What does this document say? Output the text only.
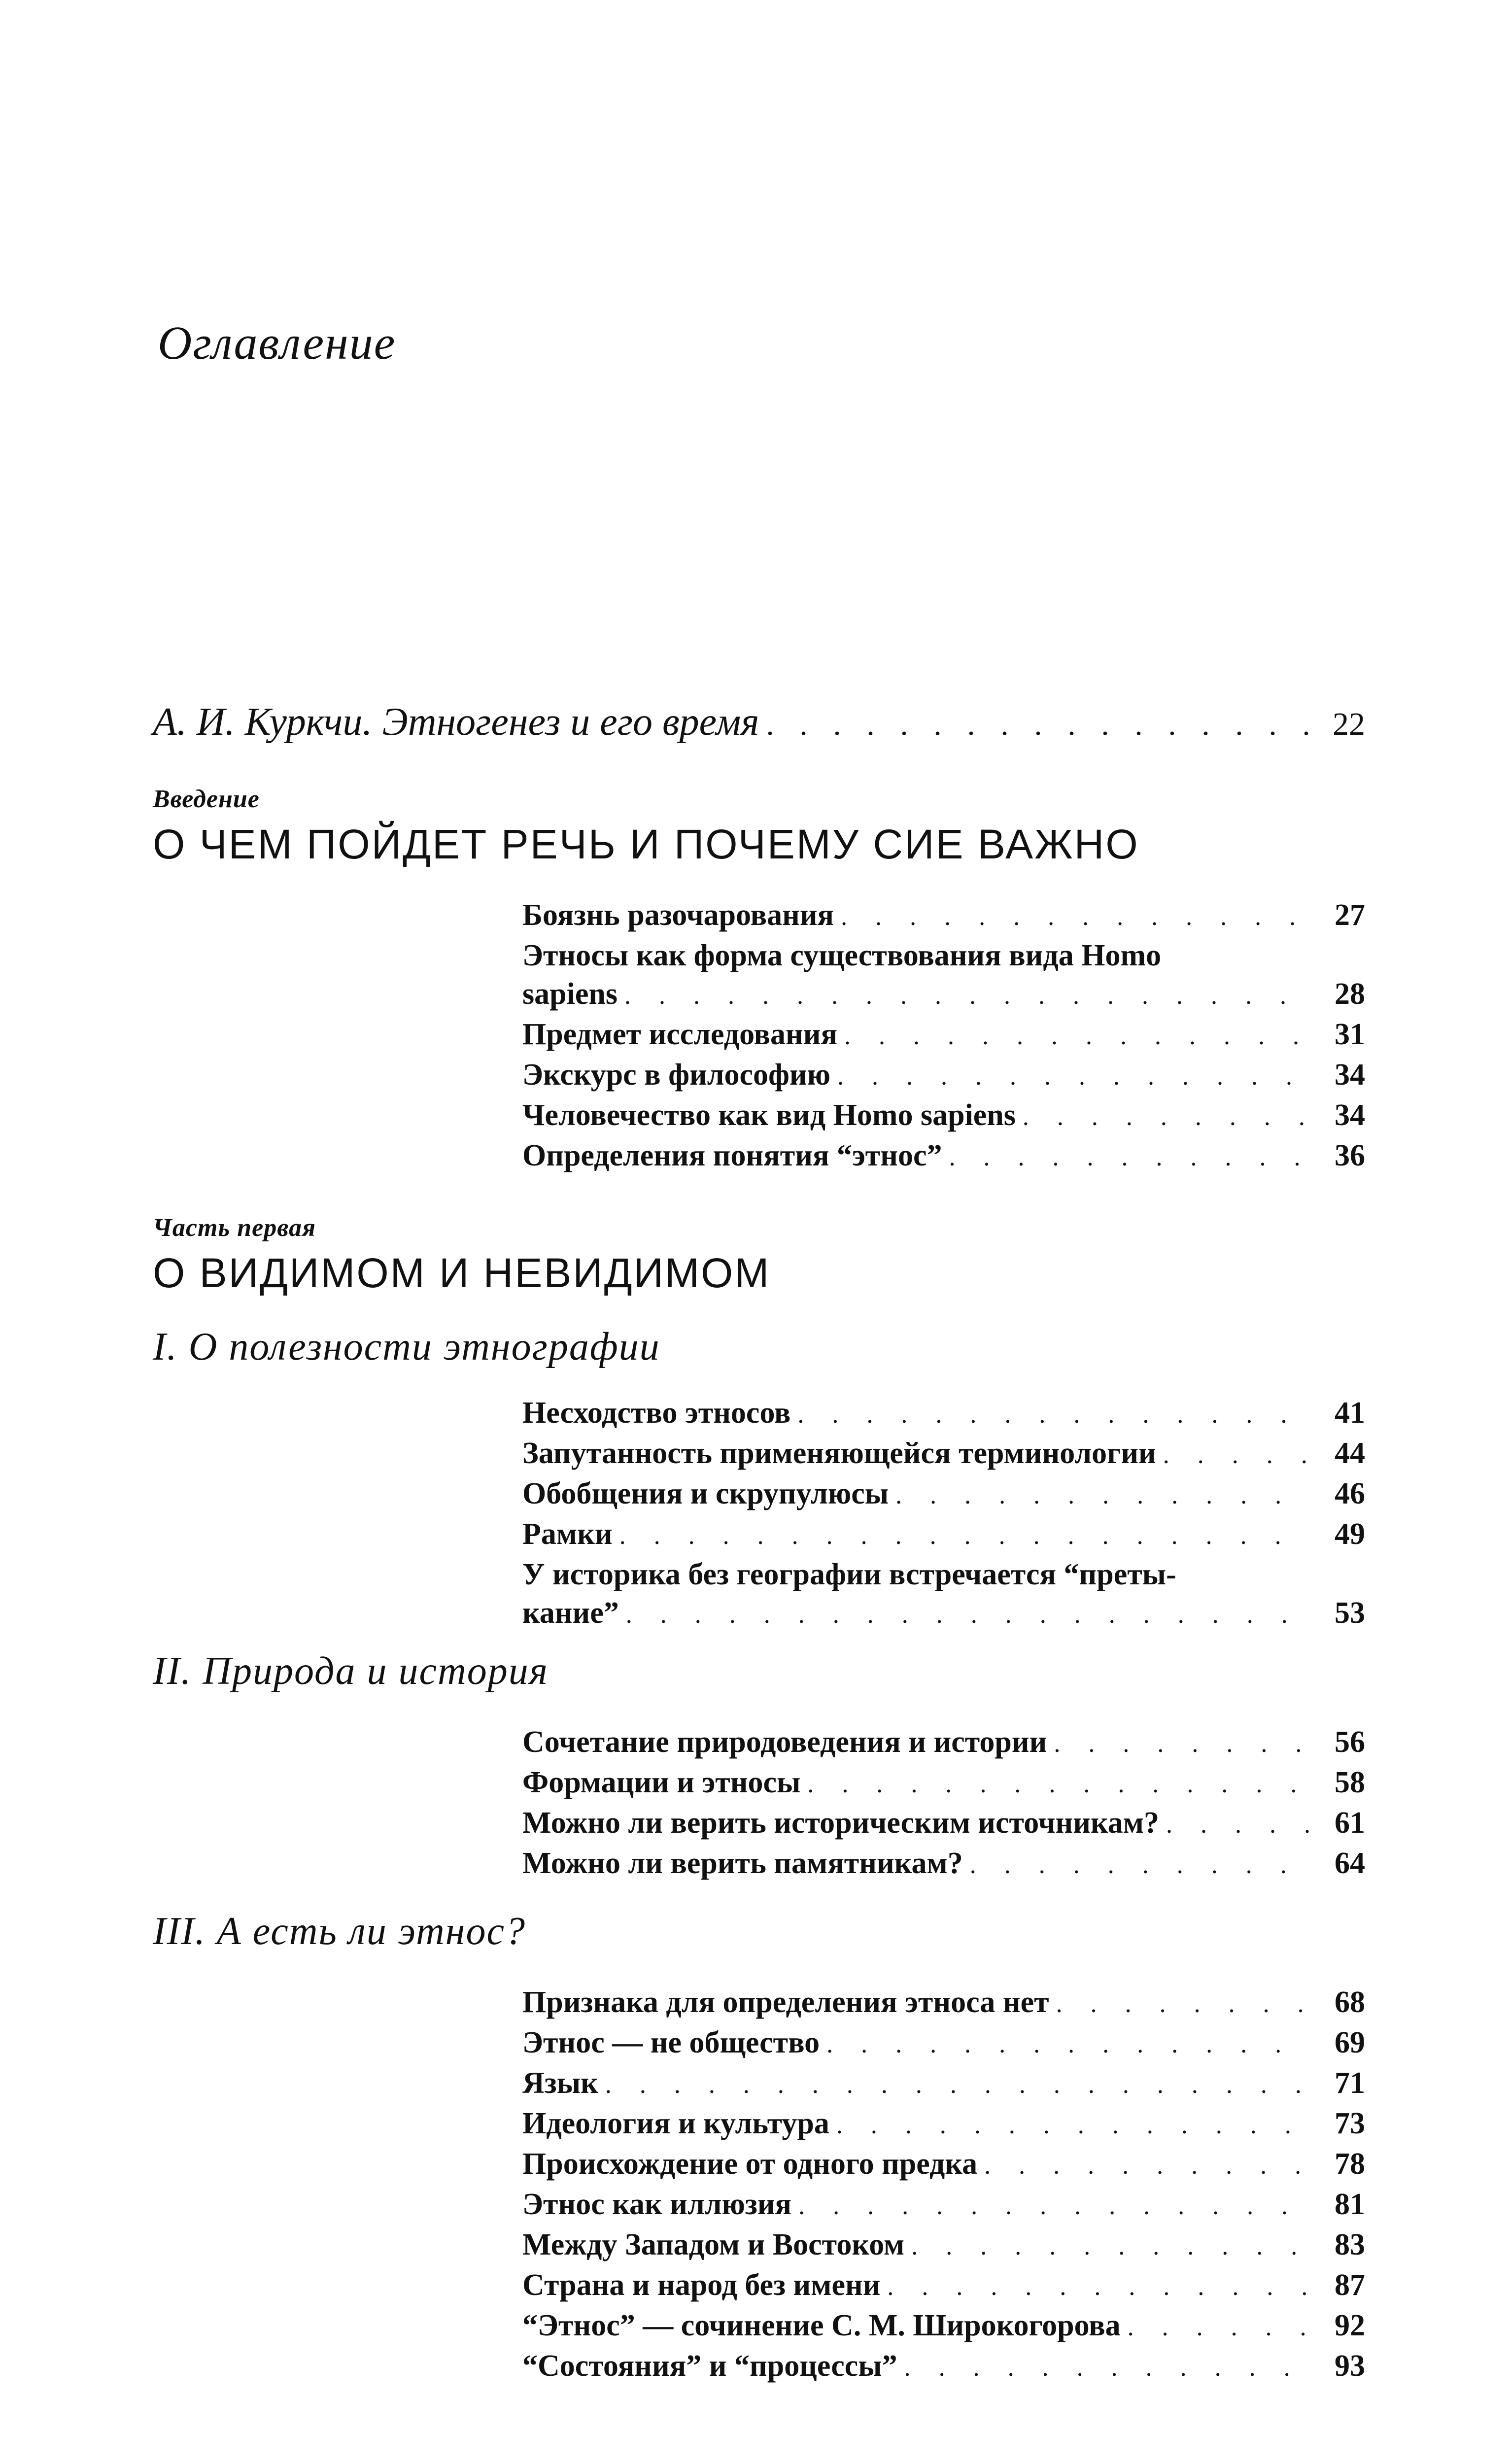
Оглавление
А. И. Куркчи. Этногенез и его время . . .	22
Введение
О ЧЕМ ПОЙДЕТ РЕЧЬ И ПОЧЕМУ СИЕ ВАЖНО
Боязнь разочарования . . .	27
Этносы как форма существования вида Homo
sapiens . . .	28
Предмет исследования . . .	31
Экскурс в философию . . .	34
Человечество как вид Homo sapiens . . .	34
Определения понятия “этнос” . . .	36
Часть первая
О ВИДИМОМ И НЕВИДИМОМ
I. О полезности этнографии
Несходство этносов . . .	41
Запутанность применяющейся терминологии . . .	44
Обобщения и скрупулюсы . . .	46
Рамки . . .	49
У историка без географии встречается “преты-
кание” . . .	53
II. Природа и история
Сочетание природоведения и истории . . .	56
Формации и этносы . . .	58
Можно ли верить историческим источникам? . . .	61
Можно ли верить памятникам? . . .	64
III. А есть ли этнос?
Признака для определения этноса нет . . .	68
Этнос — не общество . . .	69
Язык . . .	71
Идеология и культура . . .	73
Происхождение от одного предка . . .	78
Этнос как иллюзия . . .	81
Между Западом и Востоком . . .	83
Страна и народ без имени . . .	87
“Этнос” — сочинение С. М. Широкогорова . . .	92
“Состояния” и “процессы” . . .	93
